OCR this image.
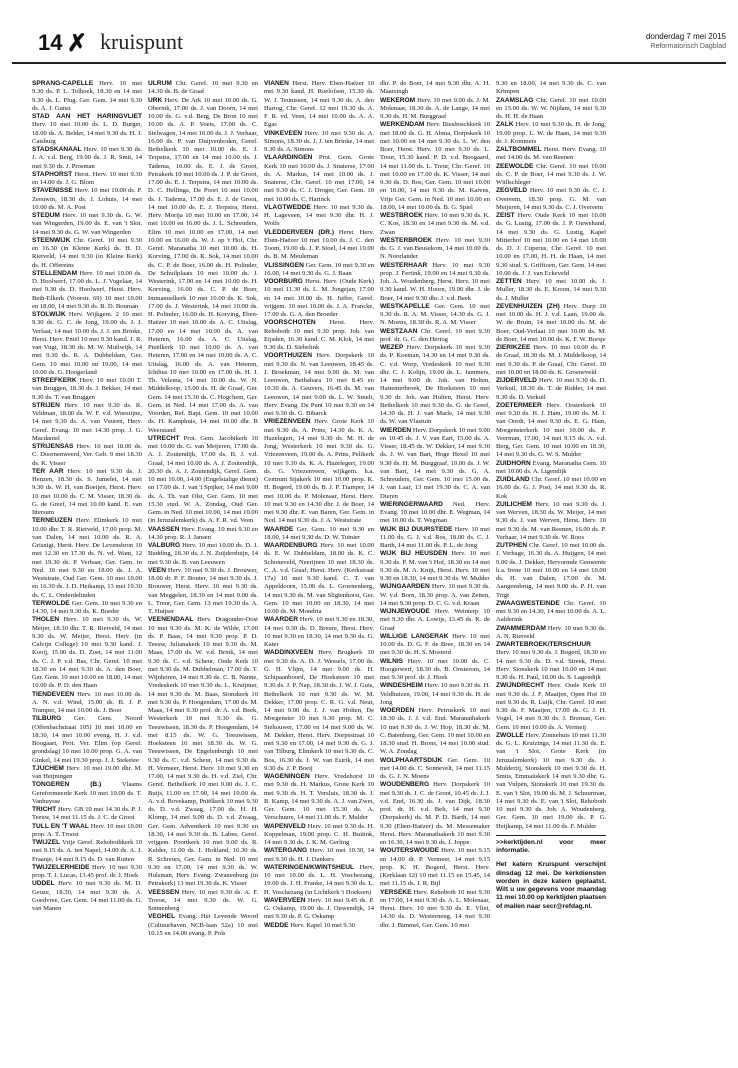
14 ✗ kruispunt	donderdag 7 mei 2015
Reformatorisch Dagblad

SPRANG-CAPELLE Herv. 10 mei 9.30 ds. P. L. Tolhoek, 18.30 en 14 mei 9.30 ds. L. Plug. Ger. Gem. 14 mei 9.30 ds. A. J. Gunst

STAD AAN HET HARINGVLIET Herv. 10 mei 10.00 ds. L. D. Burger, 18.00 ds. A. Belder, 14 mei 9.30 ds. H. J. Catsburg

STADSKANAAL Herv. 10 mei 9.30 ds. J. A. v.d. Berg, 19.00 ds. J. R. Smit, 14 mei 9.30 ds. J. Prosman

STAPHORST Herst. Herv. 10 mei 9.30 en 14.00 ds. J. G. Blom

STAVENISSE Herv. 10 mei 10.00 ds. P. Zeeuwin, 18.30 ds. J. Lohuis, 14 mei 10.00 ds. M. A. Post

STEDUM Herv. 10 mei 9.30 ds. G. W. van Wingerden, 19.00 ds. E. van 't Slot. 14 mei 9.30 ds. G. W. van Wingerden

STEENWIJK Chr. Geref. 10 mei 9.30 en 16.30 (in Kleine Kerk) ds. H. D. Rietveld, 14 mei 9.30 (in Kleine Kerk) ds. H. Offereins

STELLENDAM Herv. 10 mei 10.00 ds. D. Hoolwerf, 17.00 ds. L. J. Vogelaar, 14 mei 9.30 ds. D. Hoolwerf, Herst. Herv. Beth-Elkerk (Voorstr. 69) 10 mei 10.00 en 18.00, 14 mei 9.30 ds. B. D. Bouman

STOLWIJK Herv. Wijkgem. 2 10 mei 9.30 ds. G. C. de Jong, 19.00 ds. J. J. Verlaat, 14 mei 10.00 ds. J. J. ten Brinke, Herst. Herv. Pniël 10 mei 9.30 kand. J. R. van Vugt, 18.30 ds. M. W. Muilwijk, 14 mei 9.30 ds. R. A. Dubbeldam, Ger. Gem. 10 mei 10.00 en 19.00, 14 mei 10.00 ds. G. Hoogerland

STREEFKERK Herv. 10 mei 10.00 T. van Bruggen, 18.30 ds. J. Bekker, 14 mei 9.30 ds. T. van Bruggen

STRIJEN Herv. 10 mei 9.30 ds. R. Veldman, 18.00 ds. W. F. v.d. Woestijne, 14 mei 9.30 ds. A. van Vuuren, Herv. Geref. Evang. 10 mei 14.30 prop. J. G. Macdaniel

STRIJENSAS Herv. 10 mei 18.00 ds. C. Doornenweerd, Ver. Geb. 9 mei 18.30 ds. K. Visser

TER AAR Herv. 10 mei 9.30 ds. J. Henzen, 18.30 ds. S. Jumelet, 14 mei 9.30 ds. W. H. van Boeijen, Herst. Herv. 10 mei 10.00 ds. C. M. Visser, 18.30 ds. G. de Greef, 14 mei 10.00 kand. E. van Ittersum

TERNEUZEN Herv. Elimkerk 10 mei 10.00 dhr. T. R. Rietveld, 17.00 prop. M. van Dalen, 14 mei 10.00 ds. R. A. Grisnigt, Herst. Herv. De Levensbron 10 mei 12.30 en 17.30 ds. N. vd. Want, 12 mei 19.30 ds. P. Verhaar, Ger. Gem. in Ned. 10 mei 9.30 en 18.00 ds. J. A. Weststrate, Oud Ger. Gem. 10 mei 10.00 en 16.30 ds. J. D. Heikamp, 13 mei 19.30 ds. C. L. Onderdelinden

TERWOLDE Ger. Gem. 10 mei 9.30 en 14.30, 14 mei 9.30 ds. K. Boeder

THOLEN Herv. 10 mei 9.30 ds. W. Meijer, 18.30 dhr. T. R. Rietveld, 14 mei 9.30 ds. W. Meijer, Herst. Herv. (in Calvijn College) 10 mei 9.30 kand. J. Kooij, 15.00 ds. D. Zoet, 14 mei 11.00 ds. C. J. P. v.d. Bas, Chr. Geref. 10 mei 18.30 en 14 mei 9.30 ds. A. den Boer, Ger. Gem. 10 mei 10.00 en 18.00, 14 mei 10.00 ds. P. D. den Haan

TIENDEVEEN Herv. 10 mei 10.00 ds. A. N. v.d. Wind, 15.00 ds. B. J. P. Tramper, 14 mei 10.00 ds. J. Boer

TILBURG Ger. Gem. Noord (Offenbachstraat 105) 10 mei 10.00 en 18.30, 14 mei 10.00 eveng. H. J. v.d. Boogaart, Prot. Ver. Elim (op Geref. grondslag) 10 mei 10.00 prop. G. A. van Ginkel, 14 mei 19.30 prop. J. J. Steketee

TJUCHEM Herv. 10 mei 19.00 dhr. M. van Heijningen

TONGEREN (B.)	Vlaams Gereformeerde Kerk 10 mei 10.00 ds. T. Vanhuysse

TRICHT Herv. GB 10 mei 14.30 ds. P. J. Teeuw, 14 mei 11.15 ds. J. C. de Groot

TULL EN 'T WAAL Herv. 10 mei 10.00 prop. A. T. Troost

TWIJZEL Vrije Geref. Rehobothkerk 10 mei 9.15 ds. A. ten Napel, 14.00 ds. A. J. Fraanje, 14 mei 9.15 ds. D. van Ruiten

TWIJZELERHEIDE Herv. 10 mei 9.30 prop. T. J. Lucas, 13.45 prof. dr. J. Hoek

UDDEL Herv. 10 mei 9.30 ds. M. D. Geuze, 18.30, 14 mei 9.30 ds. A. Goedvree, Ger. Gem. 14 mei 11.00 ds. G. van Manen

ULRUM Chr. Geref. 10 mei 9.30 en 14.30 ds. B. de Graaf

URK Herv. De Ark 10 mei 10.00 ds. G. Oberink, 17.00 ds. J. van Doorn, 14 mei 10.00 ds. G. v.d. Berg, De Bron 10 mei 10.00 ds. A. P. Voets, 17.00 ds. C. Stelwagen, 14 mei 10.00 ds. J. J. Verhaar, 16.00 ds. P. van Duijvenboden, Geref. Bethelkerk 10 mei 10.00 ds. E. J. Terpstra, 17.00 en 14 mei 10.00 ds. J. Tadema, 16.00 ds. E. J. de Groot, Petrakerk 10 mei 10.00 ds. J. P. de Groot, 17.00 ds. E. J. Terpstra, 14 mei 10.00 ds. D. C. Hellinga, De Poort 10 mei 10.00 ds. J. Tadema, 17.00 ds. E. J. de Groot, 14 mei 10.00 ds. E. J. Terpstra, Herst. Herv. Morija 10 mei 10.00 en 17.00, 14 mei 10.00 en 16.00 ds. J. L. Schreuders, Elim 10 mei 10.00 en 17.00, 14 mei 10.00 en 16.00 ds. W. J. op 't Hof, Chr. Geref. Maranatha 10 mei 10.00 ds. H. Korving, 17.00 ds. K. Sok, 14 mei 10.00 ds. C. P. de Boer, 16.00 ds. H. Polinder, De Schuilplaats 10 mei 10.00 ds. J. Westerink, 17.00 en 14 mei 10.00 ds. H. Korving, 16.00 ds. C. P. de Boer, Immanuelkerk 10 mei 10.00 ds. K. Sok, 17.00 ds. J. Westerink, 14 mei 10.00 ds. H. Polinder, 16.00 ds. H. Korving, Eben-Haëzer 10 mei 10.00 ds. A. C. Uitslag, 17.00 en 14 mei 10.00 ds. A. van Heteren, 16.00 ds. A. C. Uitslag, Pniëlkerk 10 mei 10.00 ds. A. van Heteren, 17.00 en 14 mei 10.00 ds. A. C. Uitslag, 16.00 ds. A. van Heteren, Ichthus 10 mei 10.00 en 17.00 ds. H. J. Th. Velema, 14 mei 10.00 ds. W. N. Middelkoop, 15.00 ds. H. de Graaf, Ger. Gem. 14 mei 15.30 ds. C. Hogchem, Ger. Gem. in Ned. 14 mei 17.00 ds. A. van Voorden, Ref. Bapt. Gem. 10 mei 10.00 ds. H. Kamphuis, 14 mei 10.00 dhr. R Weerstand

UTRECHT Prot. Gem. Jacobikerk 10 mei 10.00 ds. G. van Meijeren, 17.00 ds. A. J. Zoutendijk, 17.00 ds. B. J. v.d. Graaf, 14 mei 10.00 ds. A. J. Zoutendijk, 20.30 ds. A. J. Zoutendijk, Geref. Gem. 10 mei 10.00, 14.00 (Engelstalige dienst) en 17.00 ds. J. van 't Spijker, 14 mei 9.00 ds. A. Th. van Olst, Ger. Gem. 10 mei 15.30 stud. W. A. Zondag, Oud Ger. Gem. in Ned. 10 mei 10.00, 14 mei 10.00 (in Jeruzalemkerk) ds. A. F. R. vd. Veen

VAASSEN Herv. Evang. 10 mei 9.30 en 14.30 prop. R. J. Jansen

VALBURG Herv. 10 mei 10.00 ds. D. J. Budding, 18.30 ds. J. N. Zuijderduijn, 14 mei 9.30 ds. B. van Leeuwen

VEEN Herv. 10 mei 9.30 ds. J. Brouwer, 18.00 dr. P. F. Bouter, 14 mei 9.30 ds. J. Brouwer, Herst. Herv. 10 mei 9.30 ds. van Meggelen, 18.30 en 14 mei 9.00 ds. L. Treur, Ger. Gem. 13 mei 19.30 ds. A. T. Huijser

VEENENDAAL Herv. Dragonder-Oost 10 mei 9.30 ds. M. K. de Wilde, 17.00 ds. P. Baas, 14 mei 9.30 prop. P. D. Teeuw, Julianakerk 10 mei 9.30 ds. M. Maas, 17.00 ds. W. v.d. Brink, 14 mei 9.30 ds. C. v.d. Scheur, Oude Kerk 10 mei 9.30 ds. M. Dubbelman, 17.00 ds. T. Wijnhoren, 14 mei 9.30 ds. C. B. Nanne, Vredeskerk 10 mei 9.30 ds. L. Kruijmer, 14 mei 9.30 ds. M. Baas, Sionskerk 10 mei 9.30 ds. P. Hoogendam, 17.00 ds. M. Maas, 14 mei 9.30 prof. dr. A. v.d. Beek, Westerkerk 10 mei 9.30 ds. G. Teeuwissen, 18.30 ds. P. Hoogendam, 14 mei 8.15 ds. W. G. Teeuwissen, Hoeksteen 10 mei 18.30 ds. W. G. Teeuwissen, De Engelenburgh 10 mei 9.30 ds. C. v.d. Scheur, 14 mei 9.30 ds. H. Vermeer, Herst. Herv. 10 mei 9.30 en 17.00, 14 mei 9.30 ds. H. v.d. Ziel, Chr. Geref. Bethelkerk 10 mei 9.00 ds. J. C. Buijs, 11.00 en 17.00, 14 mei 10.00 ds. A. v.d. Bovekamp, Pniëlkerk 10 mei 9.30 ds. D. v.d. Zwaag, 17.00 ds. H. H. Klomp, 14 mei 9.00 ds. D. v.d. Zwaag, Ger. Gem. Adventkerk 10 mei 9.30 en 18.30, 14 mei 9.30 ds. B. Labee, Geref. vrijgem. Poortkerk 10 mei 9.00 ds. R. Kelder, 11.00 ds. J. Holtland, 16.30 ds. R. Schreurs, Ger. Gem. in Ned. 10 mei 9.30 en 17.00, 14 mei 9.30 ds. W. Hulsman, Herv. Evang. Zwanenburg (in Petrakerk) 13 mei 19.30 ds. K. Visser

VEESSEN Herv. 10 mei 9.30 ds. A. F. Troost, 14 mei 9.30 ds. W. G. Sonnenberg

VEGHEL Evang. Het Levende Woord (Cultuurhaven NCB-laan 52a) 10 mei 10.15 en 14.00 evang. P. Pols

VIANEN Herst. Herv. Eben-Haëzer 10 mei 9.30 kand. H. Roelofsen, 15.30 ds. W. J. Teunissen, 14 mei 9.30 ds. A. den Hartog, Chr. Geref. 12 mei 19.30 ds. A. F. R. vd. Veen, 14 mei 10.00 ds. A. A. Egas

VINKEVEEN Herv. 10 mei 9.30 ds. A. Simons, 18.30 ds. J. J. ten Brinke, 14 mei 9.30 ds. A. Simons

VLAARDINGEN Prot. Gem. Grote Kerk 10 mei 10.00 ds. J. Snaterse, 17.00 ds. A. Markus, 14 mei 10.00 ds. J. Snaterse, Chr. Geref. 10 mei 17.00, 14 mei 9.30 ds. C. J. Droger, Ger. Gem. 10 mei 10.00 ds. C. Harinck

VLAGTWEDDE Herv. 10 mei 9.30 ds. H. Lageveen, 14 mei 9.30 dhr. H. J. Wolfs

VLEDDERVEEN (DR.) Herst. Herv. Eben-Haëzer 10 mei 10.00 ds. J. C. den Toom, 19.00 ds. J. P. Stoel, 14 mei 10.00 ds. B. M. Meuleman

VLISSINGEN Ger. Gem. 10 mei 9.30 en 16.00, 14 mei 9.30 ds. G. J. Baan

VOORBURG Herst. Herv. (Oude Kerk) 10 mei 11.30 ds. L. M. Jongejan, 17.00 en 14 mei 10.00 ds. H. Juffer, Geref. vrijgem. 10 mei 10.00 ds. J. A. Francke, 17.00 ds. G. A. den Broeder

VOORSCHOTEN Herst. Herv. Rehoboth 10 mei 9.30 prop. Joh. van Eijsden, 16.30 kand. C. M. Klok, 14 mei 9.30 ds. D. Siebelink

VOORTHUIZEN Herv. Dorpskerk 10 mei 9.30 ds. N. van Leeuwen, 18.45 ds. J. Broekman, 14 mei 9.00 ds. M. van Leeuwen, Bethabara 10 mei 8.45 en 10.30 ds. A. Geuvers, 16.45 ds. M. van Leeuwen, 14 mei 9.00 ds. L. W. Smelt, Herv. Evang. De Punt 10 mei 9.30 en 14 mei 9.30 ds. G. Biharck

VRIEZENVEEN Herv. Grote Kerk 10 mei 9.30 ds. A. Prins, 14.30 ds. K. A. Hazelegert, 14 mei 9.30 ds. M. H. de Jong, Westerkerk 10 mei 9.30 ds. G. Vriezenveen, 19.00 ds. A. Prins, Pelikerk 10 mei 9.30 ds. K. A. Hazelegert, 19.00 ds. G. Vriezenveen, wijkgem. h.a. Centrum Sijakerk 10 mei 10.00 prop. K. H. Bogerd, 19.00 ds. B. J. P. Tramper, 14 mei 10.00 ds. P. Molenaar, Herst. Herv. 10 mei 9.30 en 14.30 dhr. J. de Boer, 14 mei 9.30 dhr. E. van Baren, Ger. Gem. in Ned. 14 mei 9.30 ds. J. A. Weststrate

WAARDE Ger. Gem. 10 mei 9.30 en 18.00, 14 mei 9.30 ds. D. W. Tuinier

WAARDENBURG Herv. 10 mei 10.00 ds. E. W. Dubbeldam, 18.00 ds. K. C. Schoneveld, Neerijnen 10 mei 18.30 ds. C. A. v.d. Graaf, Herst. Herv. (Kerkstraat 17a) 10 mei 9.30 kand. C. T. van Appeldoorn, 15.00 ds. L. Groenenberg, 14 mei 9.30 ds. M. van Sligtenhorst, Ger. Gem. 10 mei 10.00 en 18.30, 14 mei 10.00 ds. M. Mondria

WAARDER Herv. 10 mei 9.30 en 18.30, 14 mei 9.30 ds. D. Breure, Herst. Herv. 10 mei 9.30 en 18.30, 14 mei 9.30 ds. G. Kater

WADDINXVEEN Herv. Brugkerk 10 mei 9.30 ds. A. D. J. Wessels, 17.00 ds. G. H. Vlijm, 14 mei 9.00 ds. H. Schipaanboord, De Hoeksteen 10 mei 9.30 ds. J. P. Nap, 18.30 ds. J. W. J. Guis, Bethelkerk 10 mei 9.30 ds. W. M. Dekker, 17.00 prop. C. R. G. v.d. Neut, 14 mei 9.00 ds. J. J. van Holten, De Morgenster 10 mei 9.30 prop. M. C. Stehouwer, 17.00 en 14 mei 9.00 ds. W. M. Dekker, Herst. Herv. Dorpsstraat 10 mei 9.30 en 17.00, 14 mei 9.30 ds. G. J. van Tilburg, Elimkerk 10 mei 9.30 ds. C. Bos, 16.30 ds. J. W. van Estrik, 14 mei 9.30 ds. J. P. Boeij

WAGENINGEN Herv. Vredehorst 10 mei 9.30 ds. H. Markus, Grote Kerk 10 mei 9.30 ds. H. T. Versluis, 18.30 ds. J. B. Kamp, 14 mei 9.30 ds. A. J. van Zwet, Ger. Gem. 10 mei 15.30 ds. A. Verschuure, 14 mei 11.00 ds. F. Mulder

WAPENVELD Herv. 10 mei 9.30 ds. H. Koppelman, 19.00 prop. C. H. Buitink, 14 mei 9.30 ds. J. K. M. Gerling

WATERGANG Herv. 10 mei 10.30, 14 mei 9.30 ds. H. J. Dankers

WATERINGEN/KWINTSHEUL Herv. 10 mei 10.00 ds. L. H. Voschezang, 19.00 ds. J. H. Franke, 14 mei 9.30 ds. L. H. Voschezang (in Lichtkerk 't Hoeksen)

WAVERVEEN Herv. 10 mei 9.45 ds. P. G. Oskamp, 19.00 ds. J. Ouwendijk, 14 mei 9.30 ds. P. G. Oskamp

WEDDE Herv. Kapel 10 mei 9.30

dhr. P. de Boer, 14 mei 9.30 dhr. A. H. Maarsingh

WEKEROM Herv. 10 mei 9.00 ds. J. M. Molenaar, 18.30 ds. A. de Lange, 14 mei 9.30 ds. H. M. Burggraaf

WERKENDAM Herv. Bieshoschkerk 10 mei 18.00 ds. G. H. Abma, Dorpskerk 10 mei 10.00 en 14 mei 9.30 ds. L. W. den Boer, Herst. Herv. 10 mei 9.30 ds. L. Treur, 15.30 kand. P. D. v.d. Boogaard, 14 mei 11.00 ds. L. Treur, Chr. Geref. 10 mei 10.00 en 17.00 ds. K. Visser, 14 mei 9.30 ds. D. Bos, Ger. Gem. 10 mei 10.00 en 18.00, 14 mei 9.30 ds. M. Karens, Vrije Ger. Gem. in Ned. 10 mei 10.00 en 18.00, 14 mei 10.00 ds. B. G. Spiel

WESTBROEK Herv. 10 mei 9.30 ds. K. C. Kos, 18.30 en 14 mei 9.30 ds. M. v.d. Zwan

WESTERBROEK Herv. 10 mei 9.30 ds. G. J. van Beusekom, 14 mei 10.00 ds. N. Noorlander

WESTERHAAR Herv. 10 mei 9.30 prop. J. Fertink, 19.00 en 14 mei 9.30 ds. Joh. A. Woudenberg, Herst. Herv. 10 mei 9.30 kand. W. H. Hoorn, 19.00 dhr. J. de Boer, 14 mei 9.30 dhr. J. v.d. Beek

WESTKAPELLE Ger. Gem. 10 mei 9.30 ds. R. A. M. Visser, 14.30 ds. G. J. N. Moens, 18.30 ds. R. A. M. Visser

WESTZAAN Chr. Geref. 10 mei 9.30 prof. dr. G. C. den Hertog

WEZEP Herv. Dorpskerk 10 mei 9.30 ds. P. Koeman, 14.30 en 14 mei 9.30 ds. C. v.d. Worp, Vredeskerk 10 mei 9.30 dhr. C. J. Kolijn, 19.00 ds. L. Jammers, 14 mei 9.00 dr. Joh. van Holten, Hattemerbroek, De Hoeksteen 10 mei 9.30 dr. Joh. van Holten, Herst. Herv. Bethelkerk 10 mei 9.30 ds. G. de Greef, 14.30 ds. H. J. van Marle, 14 mei 9.30 ds. W. van Vlastuin

WIERDEN Herv. Dorpskerk 10 mei 9.00 en 10.45 ds. J. V. van Eart, 15.00 ds. A. Visser, 18.45 ds. W. Dekker, 14 mei 9.30 ds. J. W. van Bart, Hoge Hexel 10 mei 9.30 ds. H. M. Burggraaf, 19.00 ds. J. W. van Bart, 14 mei 9.30 ds. G. A. Schreuders, Ger. Gem. 10 mei 15.00 ds. J. van Laar, 13 mei 19.30 ds. C. A. van Dieren

WIERINGERWAARD Ned. Herv. Evang. 10 mei 10.00 dhr. E. Wegman, 14 mei 10.00 ds. T. Wegman

WIJK BIJ DUURSTEDE Herv. 10 mei 11.00 ds. G. J. v.d. Ros, 18.00 ds. C. J. Barth, 14 mei 11.00 ds. P. L. de Jong

WIJK BIJ HEUSDEN Herv. 10 mei 9.30 ds. P. M. van 't Hof, 18.30 en 14 mei 9.30 ds. M. A. Knijt, Herst. Herv. 10 mei 9.30 en 18.30, 14 mei 9.30 ds. W. Mulder

WIJNGAARDEN Herv. 10 mei 9.30 ds. W. v.d. Born, 18.30 prop. A. van Zetten, 14 mei 9.30 prop. D. C. G. v.d. Kraan

WIJNJEWOUDE Herv. Weinterp 10 mei 9.30 dhr. A. Lowijs, 13.45 ds. K. de Graaf

WILLIGE LANGERAK Herv. 10 mei 10.00 ds. D. G. F. de Bree, 18.30 en 14 mei 9.30 ds. H. S. Mosterd

WILNIS Herv. 10 mei 10.00 ds. C. Hoogerwerf, 18.30 ds. B. Oosterom, 14 mei 9.30 prof. dr. J. Hoek

WINDESHEIM Herv. 10 mei 9.30 ds. H. Veldhuizen, 19.00, 14 mei 9.30 ds. H. de Jong

WOERDEN Herv. Petruskerk 10 mei 18.30 ds. J. J. v.d. End. Maranathakerk 10 mei 9.30 ds. J. W. Hop, 18.30 ds. M. C. Batenburg, Ger. Gem. 10 mei 10.00 en 18.30 stud. H. Brons, 14 mei 10.00 stud. W. A. Zondag

WOLPHAARTSDIJK Ger. Gem. 10 mei 14.00 ds. C. Sonnevelt, 14 mei 11.15 ds. G. J. N. Moens

WOUDENBERG Herv. Dorpskerk 10 mei 9.30 ds. J. C. de Groot, 10.45 ds. J. J. v.d. End, 16.30 ds. J. van Dijk, 18.30 prof. dr. H. v.d. Belt, 14 mei 9.30 (Dorpskerk) ds. M. P. D. Barth, 14 mei 9.30 (Eben-Haëzer) ds. M. Messemaker Herst. Herv. Maranathakerk 10 mei 9.30 en 16.30, 14 mei 9.30 ds. J. Joppe

WOUTERSWOUDE Herv. 10 mei 9.15 en 14.00 dr. P. Vermeer, 14 mei 9.15 prop. K. H. Bogerd, Herst. Herv. (Kerklaan 12) 10 mei 11.15 en 15.45, 14 mei 11.15 ds. J. R. Bijl

YERSEKE Herv. Rehoboth 10 mei 9.30 en 17.00, 14 mei 9.30 ds. A. L. Molenaar, Herst. Herv. 10 mei 9.30 ds. E. Vliet, 14.30 ds. D. Westerneng, 14 mei 9.30 dhr. J. Bimmel, Ger. Gem. 10 mei

9.30 en 18.00, 14 mei 9.30 ds. C. van Krimpen

ZAAMSLAG Chr. Geref. 10 mei 10.00 en 15.00 ds. W. W. Nijdam, 14 mei 9.30 ds. H. H. de Haan

ZALK Herv. 10 mei 9.30 ds. H. de Jong, 19.00 prop. L. W. de Haan, 14 mei 9.30 dr. J. Kommers

ZALTBOMMEL Herst. Herv. Evang. 10 mei 14.00 ds. M. van Reenen

ZEEWOLDE Chr. Geref. 10 mei 10.00 ds. C. P. de Boer, 14 mei 9.30 ds. J. W. Wüllschleger

ZEGVELD Herv. 10 mei 9.30 ds. C. J. Overeem, 18.30 prop. G. M. van Meijeren, 14 mei 9.30 ds. C. J. Overeem

ZEIST Herv. Oude Kerk 10 mei 10.00 ds. G. Lustig, 17.00 ds. J. P. Ouwehand, 14 mei 9.30 ds. G. Lustig, Kapel Mitterhof 10 mei 10.00 en 14 mei 10.00 ds. D. J. Cuperus, Chr. Geref. 10 mei 10.00 en 17.00, H. H. de Haan, 14 mei 9.30 stud. S. Griffioen, Ger. Gem. 14 mei 10.00 ds. J. J. van Eckeveld

ZETTEN Herv. 10 mei 10.00 ds. J. Muller, 18.30 ds. E. Kroon, 14 mei 9.30 ds. J. Muller

ZEVENHUIZEN (ZH) Herv. Dorp 10 mei 10.00 ds. H. J. v.d. Laan, 19.00 ds. W. de Bruin, 14 mei 10.00 ds. M. de Boer, Oud-Verlaat 10 mei 10.00 ds. M. de Boer, 14 mei 10.00 ds. K. F. W. Borsje

ZIERIKZEE Herv. 10 mei 10.00 ds. P. de Graaf, 18.30 ds. M. J. Middelkoop, 14 mei 9.30 ds. P. de Graaf, Chr. Geref. 10 mei 10.00 en 18.00 ds. K. Groeneveld

ZIJDERVELD Herv. 10 mei 9.30 ds. D. Verkuil, 18.30 ds. T. de Ridder, 14 mei 9.30 ds. D. Verkuil

ZOETERMEER Herv. Oosterkerk 10 mei 9.30 ds. H. J. Ham, 19.00 ds. M. J. van Oordt, 14 mei 9.30 ds. E. G. Ham, Morgensterkerk 10 mei 10.00 ds. P. Veerman, 17.00, 14 mei 9.15 ds. A. v.d. Berg, Ger. Gem. 10 mei 10.00 en 18.30, 14 mei 9.30 ds. G. W. S. Mulder

ZUIDHORN Evang. Maranatha Gem. 10 mei 10.00 ds. A. Ligendijk

ZUIDLAND Chr. Geref. 10 mei 10.00 en 16.00 ds. G. J. Post, 14 mei 9.30 ds. R. Kok

ZUILICHEM Herv. 10 mei 9.30 ds. J. van Werven, 18.30 ds. W. Meijer, 14 mei 9.30 ds. J. van Werven, Herst. Herv. 10 mei 9.30 ds. M. van Reenen, 16.00 ds. P. Verhaar, 14 mei 9.30 ds. W. Roos

ZUTPHEN Chr. Geref. 10 mei 10.00 ds. J. Verhage, 16.30 ds. A. Huijgen, 14 mei 9.00 ds. J. Dekker, Hervormde Gemeente h.a. Irene 10 mei 10.00 en 14 mei 10.00 ds. H. van Dalen, 17.00 ds. M. Aangeenbrug, 14 mei 9.00 ds. P. H. van Trigt

ZWAAGWESTEINDE Chr. Geref. 10 mei 9.30 en 14.30, 14 mei 10.00 ds. A. L. Aalderink

ZWAMMERDAM Herv. 10 mei 9.30 ds. A. N. Rietveld

ZWARTEBROEK/TERSCHUUR Herv. 10 mei 9.30 ds. J. Bogerd, 18.30 en 14 mei 9.30 ds. D. v.d. Streek, Herst. Herv. Sionskerk 10 mei 10.00 en 14 mei 9.30 ds. H. Paul, 18.00 ds. S. Lagendijk

ZWIJNDRECHT Herv. Oude Kerk 10 mei 9.30 ds. J. F. Maaijen, Open Hof 10 mei 9.30 ds. R. Luijk, Chr. Geref. 10 mei 9.30 ds. F. Maaijen, 17.00 ds. G. J. H. Vogel, 14 mei 9.30 ds. J. Breman, Ger. Gem. 10 mei 10.00 ds. A. Vermeij

ZWOLLE Herv. Zonnehuis 10 mei 11.30 ds. G. L. Kruizinga, 14 mei 11.30 ds. E. van 't Slot, Grote Kerk (in Jeruzalemkerk) 10 mei 9.30 ds. J. Muldertij, Sionskerk 10 mei 9.30 ds. H. Smits, Emmaüskerk 14 mei 9.30 dhr. G. van Vulpen, Sionskerk 10 mei 19.30 ds. E. van 't Slot, 19.00 ds. M. J. Schuurman, 14 mei 9.30 ds. E. van 't Slot, Rehoboth 10 mei 9.30 ds. Joh. A. Woudenberg, Ger. Gem. 10 mei 19.00 ds. P. G. Heijkamp, 14 mei 11.00 ds. F. Mulder

>>kerktijden.nl voor meer informatie.
Het katern Kruispunt verschijnt dinsdag 12 mei. De kerkdiensten worden in deze katern geplaatst. Wilt u uw gegevens voor maandag 11 mei 10.00 op kerktijden plaatsen of mailen naar secr@refdag.nl.
